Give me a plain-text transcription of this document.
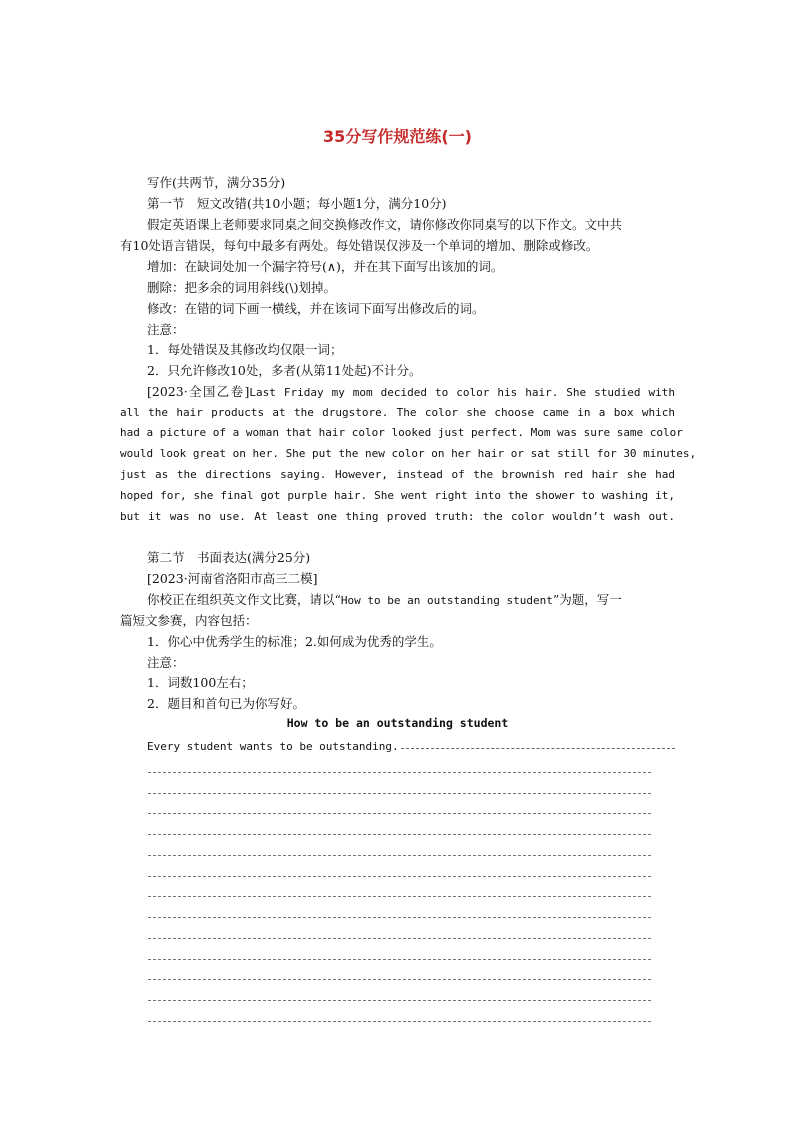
35分写作规范练(一)
写作(共两节，满分35分)
第一节　短文改错(共10小题；每小题1分，满分10分)
假定英语课上老师要求同桌之间交换修改作文，请你修改你同桌写的以下作文。文中共
有10处语言错误，每句中最多有两处。每处错误仅涉及一个单词的增加、删除或修改。
增加：在缺词处加一个漏字符号(∧)，并在其下面写出该加的词。
删除：把多余的词用斜线(\)划掉。
修改：在错的词下画一横线，并在该词下面写出修改后的词。
注意：
1．每处错误及其修改均仅限一词；
2．只允许修改10处，多者(从第11处起)不计分。
[2023·全国乙卷]Last Friday my mom decided to color his hair. She studied with
all the hair products at the drugstore. The color she choose came in a box which
had a picture of a woman that hair color looked just perfect. Mom was sure same color
would look great on her. She put the new color on her hair or sat still for 30 minutes,
just as the directions saying. However, instead of the brownish red hair she had
hoped for, she final got purple hair. She went right into the shower to washing it,
but it was no use. At least one thing proved truth: the color wouldn’t wash out.
第二节　书面表达(满分25分)
[2023·河南省洛阳市高三二模]
你校正在组织英文作文比赛，请以“How to be an outstanding student”为题，写一
篇短文参赛，内容包括：
1．你心中优秀学生的标准；2.如何成为优秀的学生。
注意：
1．词数100左右；
2．题目和首句已为你写好。
How to be an outstanding student
Every student wants to be outstanding.
